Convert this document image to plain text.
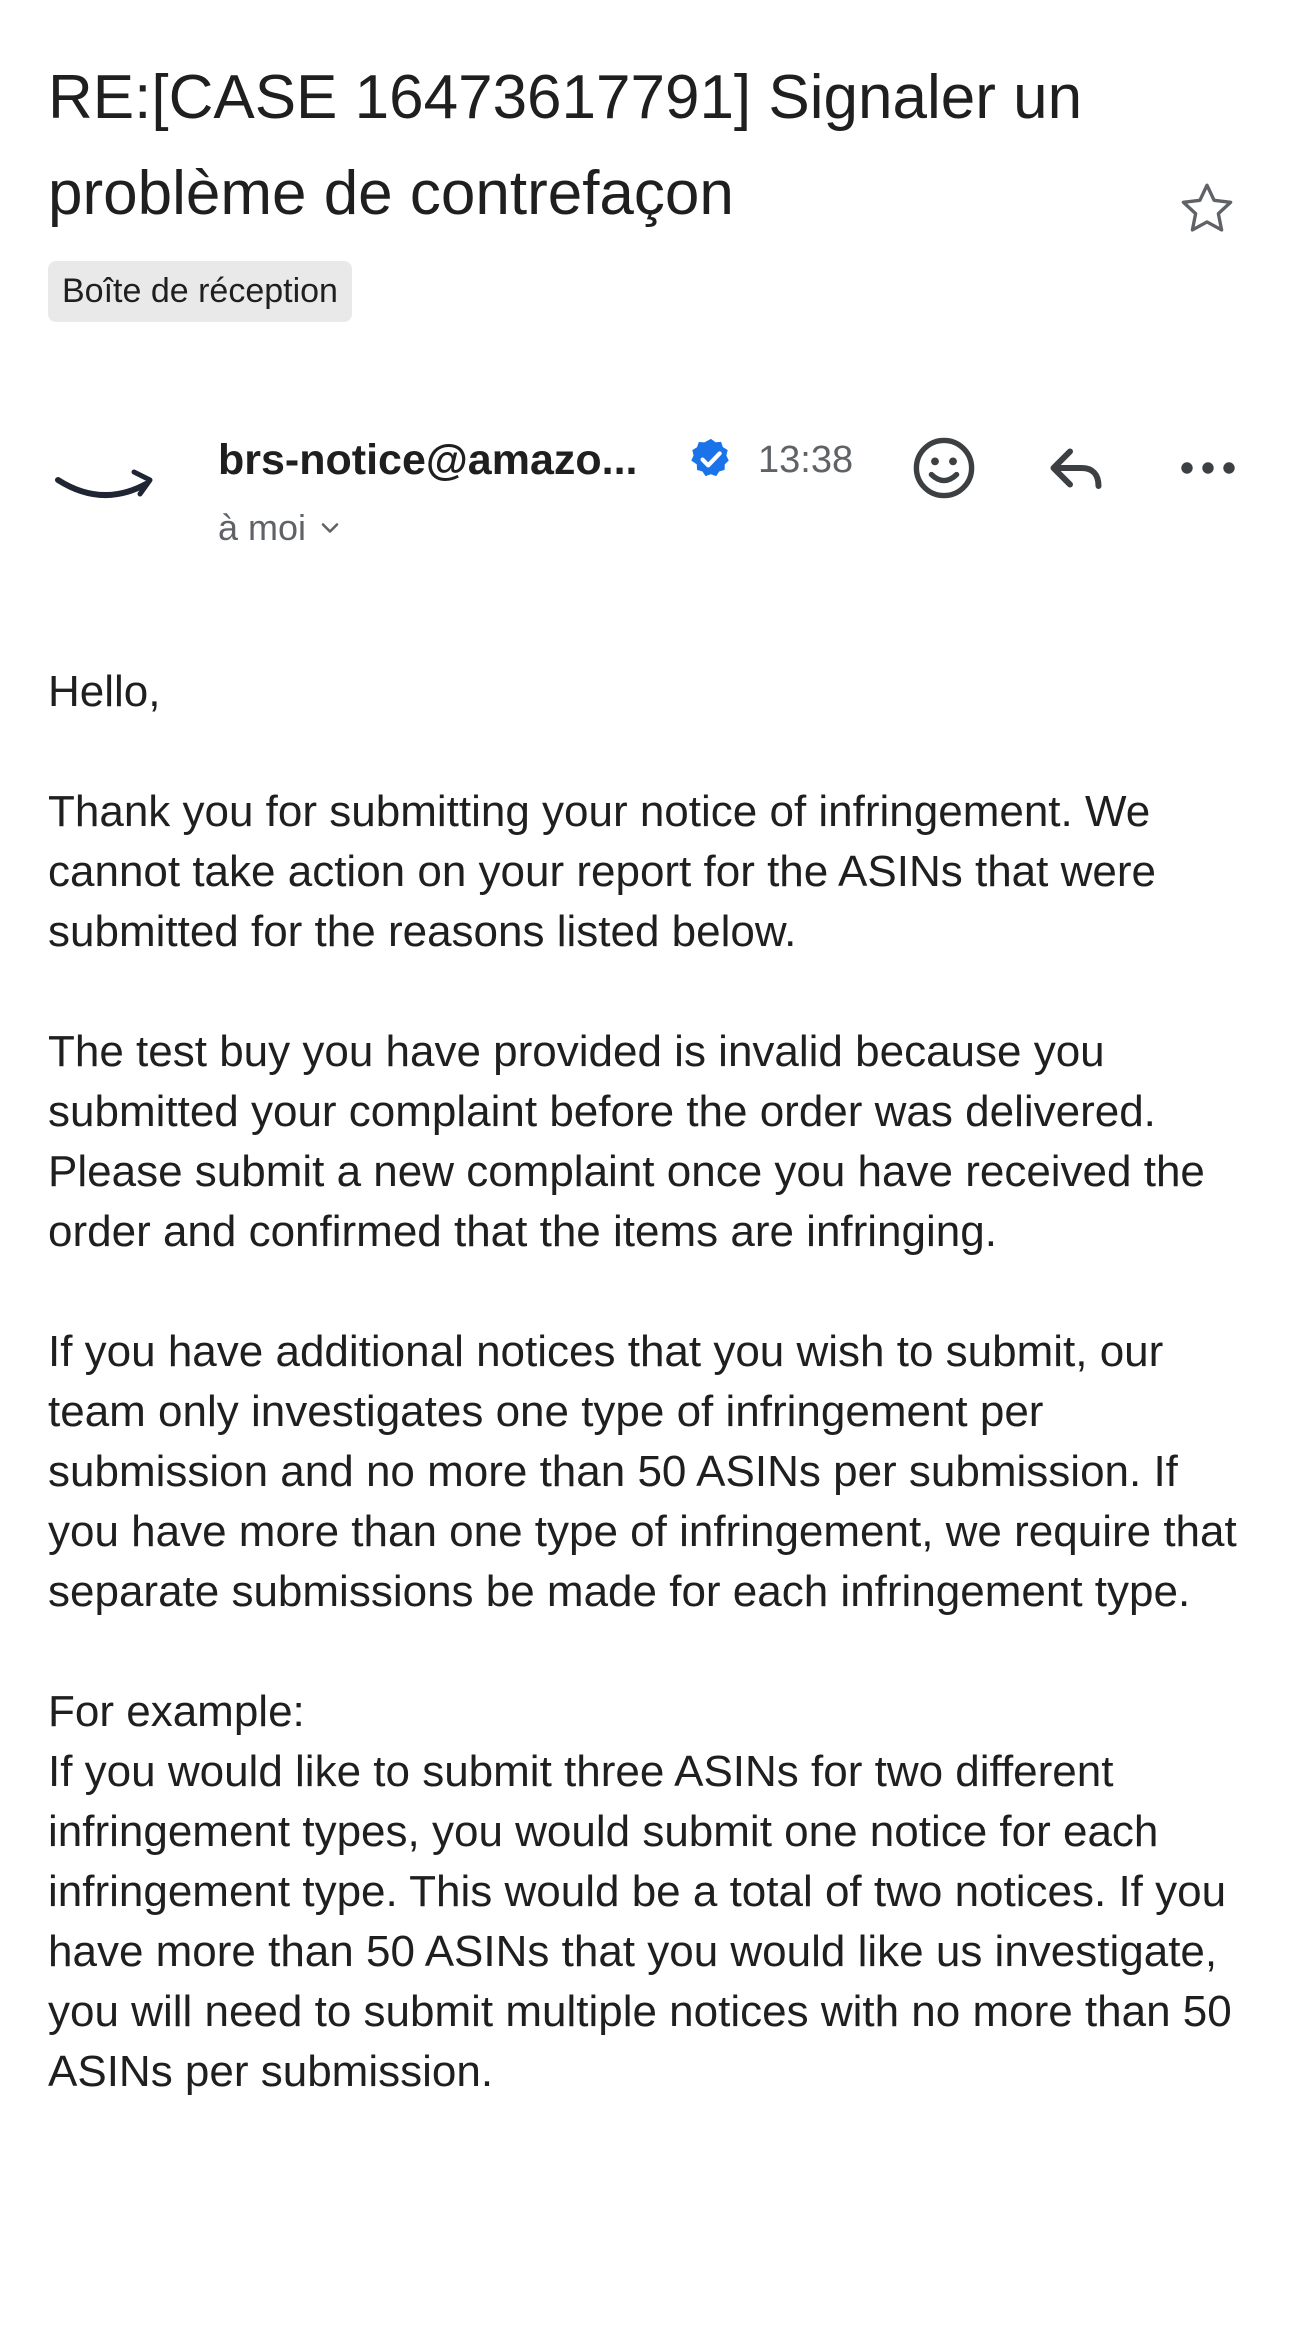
RE:[CASE 16473617791] Signaler un problème de contrefaçon
Boîte de réception
brs-notice@amazo...	13:38
à moi

Hello,

Thank you for submitting your notice of infringement. We cannot take action on your report for the ASINs that were submitted for the reasons listed below.

The test buy you have provided is invalid because you submitted your complaint before the order was delivered. Please submit a new complaint once you have received the order and confirmed that the items are infringing.

If you have additional notices that you wish to submit, our team only investigates one type of infringement per submission and no more than 50 ASINs per submission. If you have more than one type of infringement, we require that separate submissions be made for each infringement type.

For example:

If you would like to submit three ASINs for two different infringement types, you would submit one notice for each infringement type. This would be a total of two notices. If you have more than 50 ASINs that you would like us investigate, you will need to submit multiple notices with no more than 50 ASINs per submission.
